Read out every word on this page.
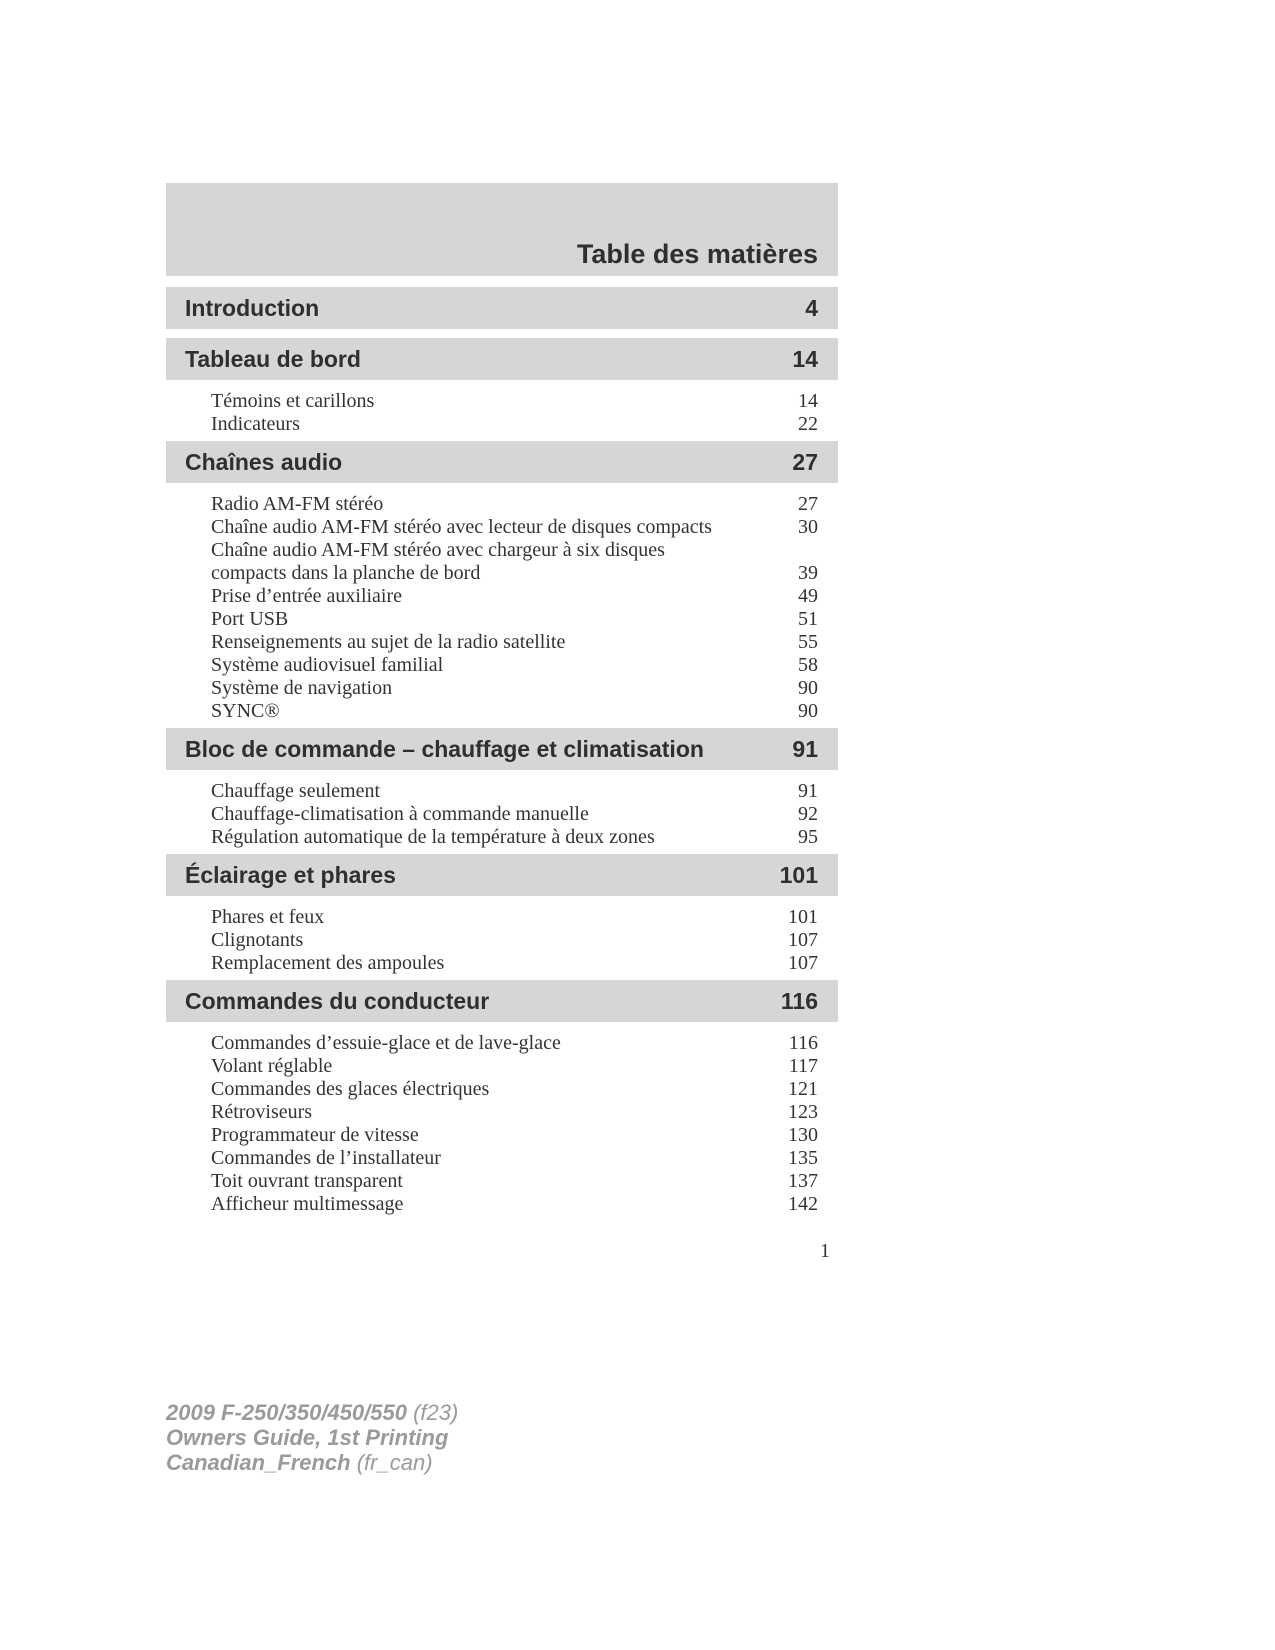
Table des matières
Introduction	4
Tableau de bord	14
Témoins et carillons	14
Indicateurs	22
Chaînes audio	27
Radio AM-FM stéréo	27
Chaîne audio AM-FM stéréo avec lecteur de disques compacts	30
Chaîne audio AM-FM stéréo avec chargeur à six disques
compacts dans la planche de bord	39
Prise d’entrée auxiliaire	49
Port USB	51
Renseignements au sujet de la radio satellite	55
Système audiovisuel familial	58
Système de navigation	90
SYNC®	90
Bloc de commande – chauffage et climatisation	91
Chauffage seulement	91
Chauffage-climatisation à commande manuelle	92
Régulation automatique de la température à deux zones	95
Éclairage et phares	101
Phares et feux	101
Clignotants	107
Remplacement des ampoules	107
Commandes du conducteur	116
Commandes d’essuie-glace et de lave-glace	116
Volant réglable	117
Commandes des glaces électriques	121
Rétroviseurs	123
Programmateur de vitesse	130
Commandes de l’installateur	135
Toit ouvrant transparent	137
Afficheur multimessage	142
1
2009 F-250/350/450/550 (f23)
Owners Guide, 1st Printing
Canadian_French (fr_can)
